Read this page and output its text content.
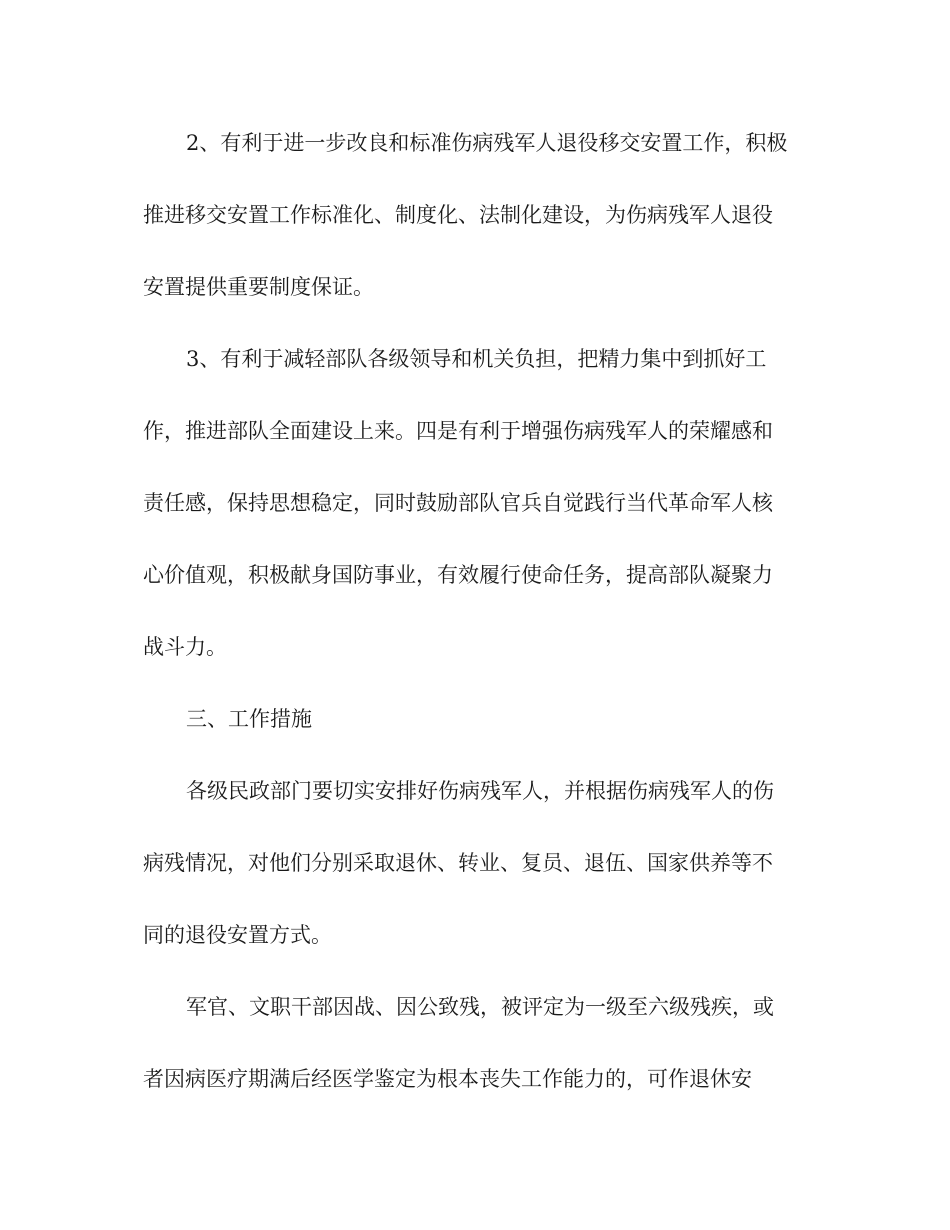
2、有利于进一步改良和标准伤病残军人退役移交安置工作，积极
推进移交安置工作标准化、制度化、法制化建设，为伤病残军人退役
安置提供重要制度保证。
3、有利于减轻部队各级领导和机关负担，把精力集中到抓好工
作，推进部队全面建设上来。四是有利于增强伤病残军人的荣耀感和
责任感，保持思想稳定，同时鼓励部队官兵自觉践行当代革命军人核
心价值观，积极献身国防事业，有效履行使命任务，提高部队凝聚力
战斗力。
三、工作措施
各级民政部门要切实安排好伤病残军人，并根据伤病残军人的伤
病残情况，对他们分别采取退休、转业、复员、退伍、国家供养等不
同的退役安置方式。
军官、文职干部因战、因公致残，被评定为一级至六级残疾，或
者因病医疗期满后经医学鉴定为根本丧失工作能力的，可作退休安
